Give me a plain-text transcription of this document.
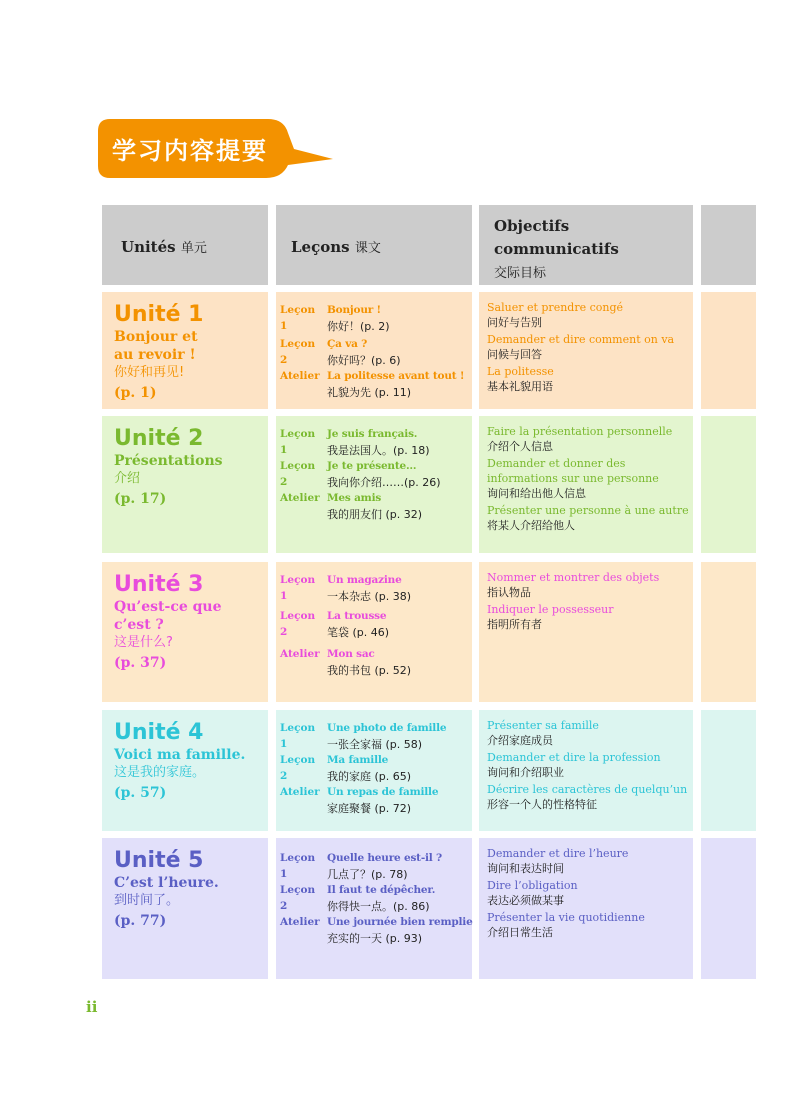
学习内容提要
Unités 单元	Leçons 课文
Objectifs
communicatifs
交际目标
Unité 1
Bonjour et
au revoir !
你好和再见!
(p. 1)
Leçon 1
Bonjour !
你好！(p. 2)
Leçon 2
Ça va ?
你好吗？(p. 6)
Atelier La politesse avant tout !
礼貌为先 (p. 11)
Saluer et prendre congé
问好与告别
Demander et dire comment on va
问候与回答
La politesse
基本礼貌用语
Unité 2
Présentations
介绍
(p. 17)
Leçon 1
Je suis français.
我是法国人。(p. 18)
Leçon 2
Je te présente…
我向你介绍……(p. 26)
Atelier Mes amis
我的朋友们 (p. 32)
Faire la présentation personnelle
介绍个人信息
Demander et donner des informations sur une personne
询问和给出他人信息
Présenter une personne à une autre
将某人介绍给他人
Unité 3
Qu’est-ce que
c’est ?
这是什么?
(p. 37)
Leçon 1
Un magazine
一本杂志 (p. 38)
Leçon 2
La trousse
笔袋 (p. 46)
Atelier Mon sac
我的书包 (p. 52)
Nommer et montrer des objets
指认物品
Indiquer le possesseur
指明所有者
Unité 4
Voici ma famille.
这是我的家庭。
(p. 57)
Leçon 1
Une photo de famille
一张全家福 (p. 58)
Leçon 2
Ma famille
我的家庭 (p. 65)
Atelier Un repas de famille
家庭聚餐 (p. 72)
Présenter sa famille
介绍家庭成员
Demander et dire la profession
询问和介绍职业
Décrire les caractères de quelqu’un
形容一个人的性格特征
Unité 5
C’est l’heure.
到时间了。
(p. 77)
Leçon 1
Quelle heure est-il ?
几点了？(p. 78)
Leçon 2
Il faut te dépêcher.
你得快一点。(p. 86)
Atelier Une journée bien remplie
充实的一天 (p. 93)
Demander et dire l’heure
询问和表达时间
Dire l’obligation
表达必须做某事
Présenter la vie quotidienne
介绍日常生活
ii
